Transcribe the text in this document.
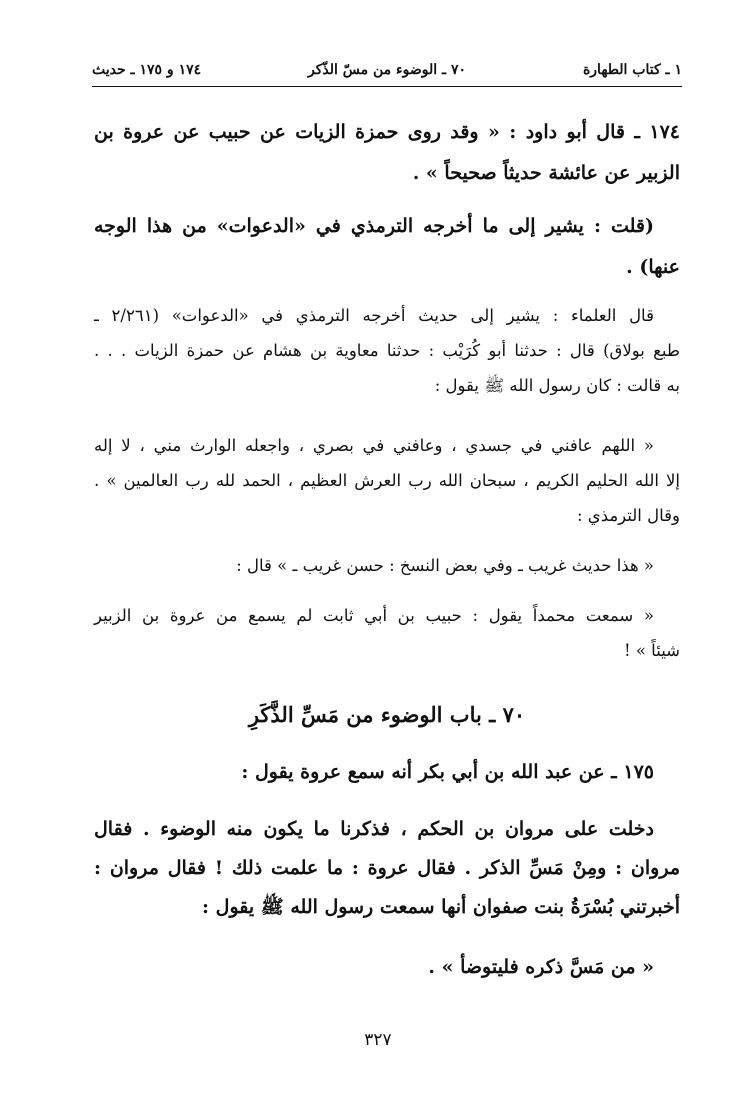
١ ـ كتاب الطهارة
٧٠ ـ الوضوء من مسّ الذّكر
١٧٤ و ١٧٥ ـ حديث
١٧٤ ـ قال أبو داود : « وقد روى حمزة الزيات عن حبيب عن عروة بن
الزبير عن عائشة حديثاً صحيحاً » .
(قلت : يشير إلى ما أخرجه الترمذي في «الدعوات» من هذا الوجه
عنها) .
قال العلماء : يشير إلى حديث أخرجه الترمذي في «الدعوات» (٢/٢٦١ ـ
طبع بولاق) قال : حدثنا أبو كُرَيْب : حدثنا معاوية بن هشام عن حمزة الزيات . . .
به قالت : كان رسول الله ﷺ يقول :
« اللهم عافني في جسدي ، وعافني في بصري ، واجعله الوارث مني ، لا إله
إلا الله الحليم الكريم ، سبحان الله رب العرش العظيم ، الحمد لله رب العالمين » .
وقال الترمذي :
« هذا حديث غريب ـ وفي بعض النسخ : حسن غريب ـ » قال :
« سمعت محمداً يقول : حبيب بن أبي ثابت لم يسمع من عروة بن الزبير
شيئاً » !
٧٠ ـ باب الوضوء من مَسِّ الذَّكَرِ
١٧٥ ـ عن عبد الله بن أبي بكر أنه سمع عروة يقول :
دخلت على مروان بن الحكم ، فذكرنا ما يكون منه الوضوء . فقال
مروان : ومِنْ مَسِّ الذكر . فقال عروة : ما علمت ذلك ! فقال مروان :
أخبرتني بُسْرَةُ بنت صفوان أنها سمعت رسول الله ﷺ يقول :
« من مَسَّ ذكره فليتوضأ » .
٣٢٧
